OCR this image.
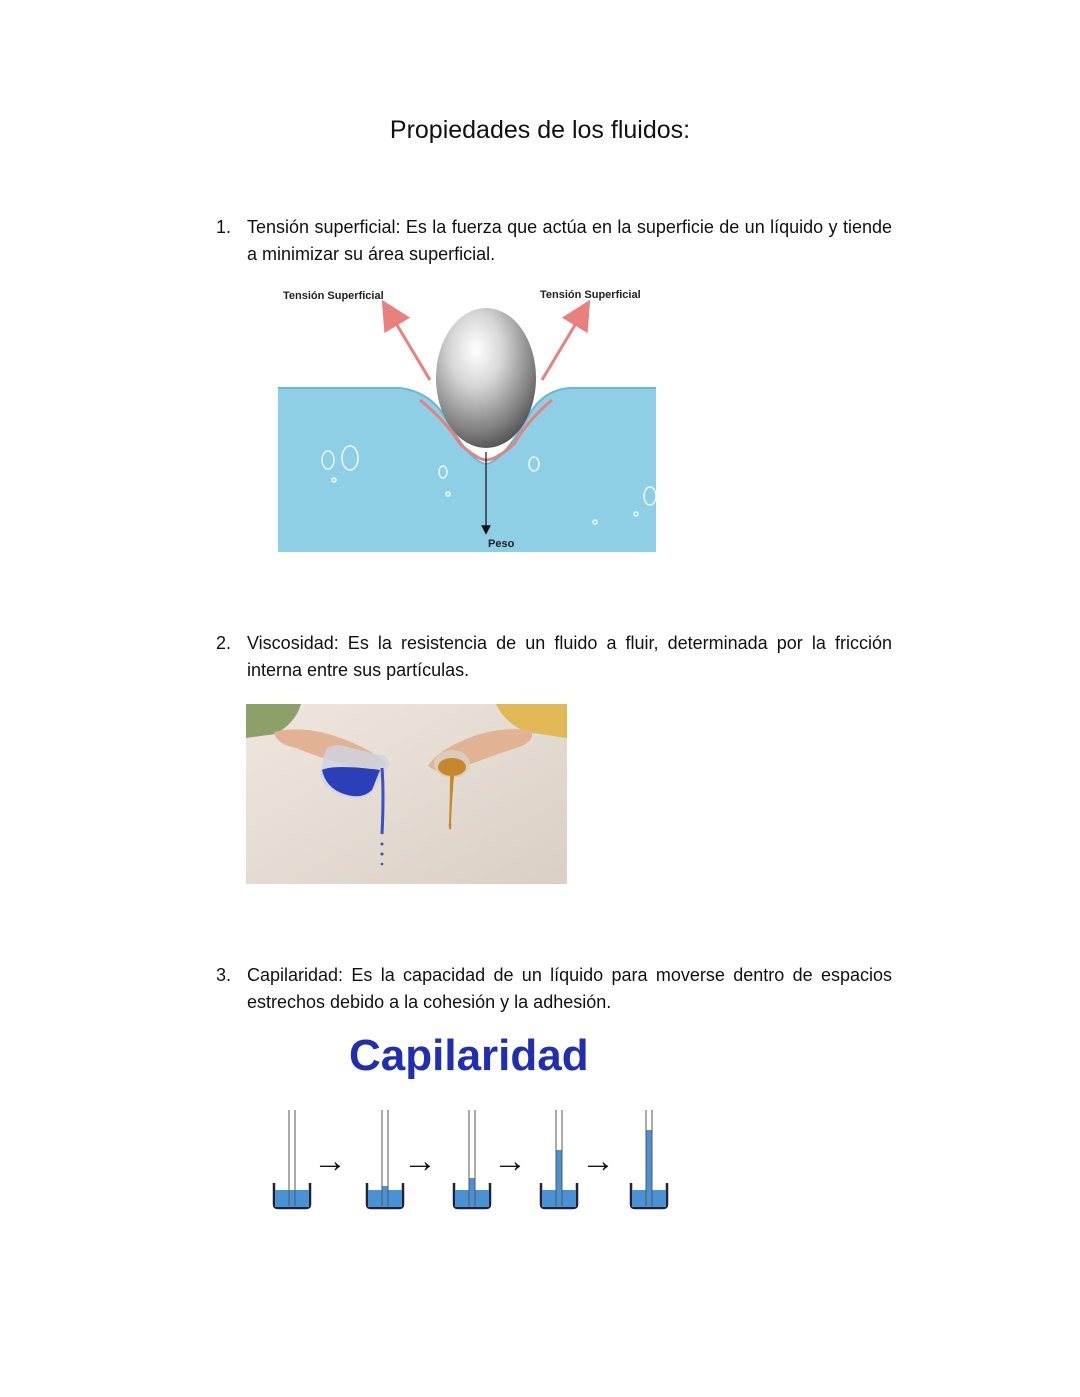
Propiedades de los fluidos:
1. Tensión superficial: Es la fuerza que actúa en la superficie de un líquido y tiende a minimizar su área superficial.
Tensión Superficial	Tensión Superficial
Peso
2. Viscosidad: Es la resistencia de un fluido a fluir, determinada por la fricción interna entre sus partículas.
3. Capilaridad: Es la capacidad de un líquido para moverse dentro de espacios estrechos debido a la cohesión y la adhesión.
Capilaridad
→ → → →
